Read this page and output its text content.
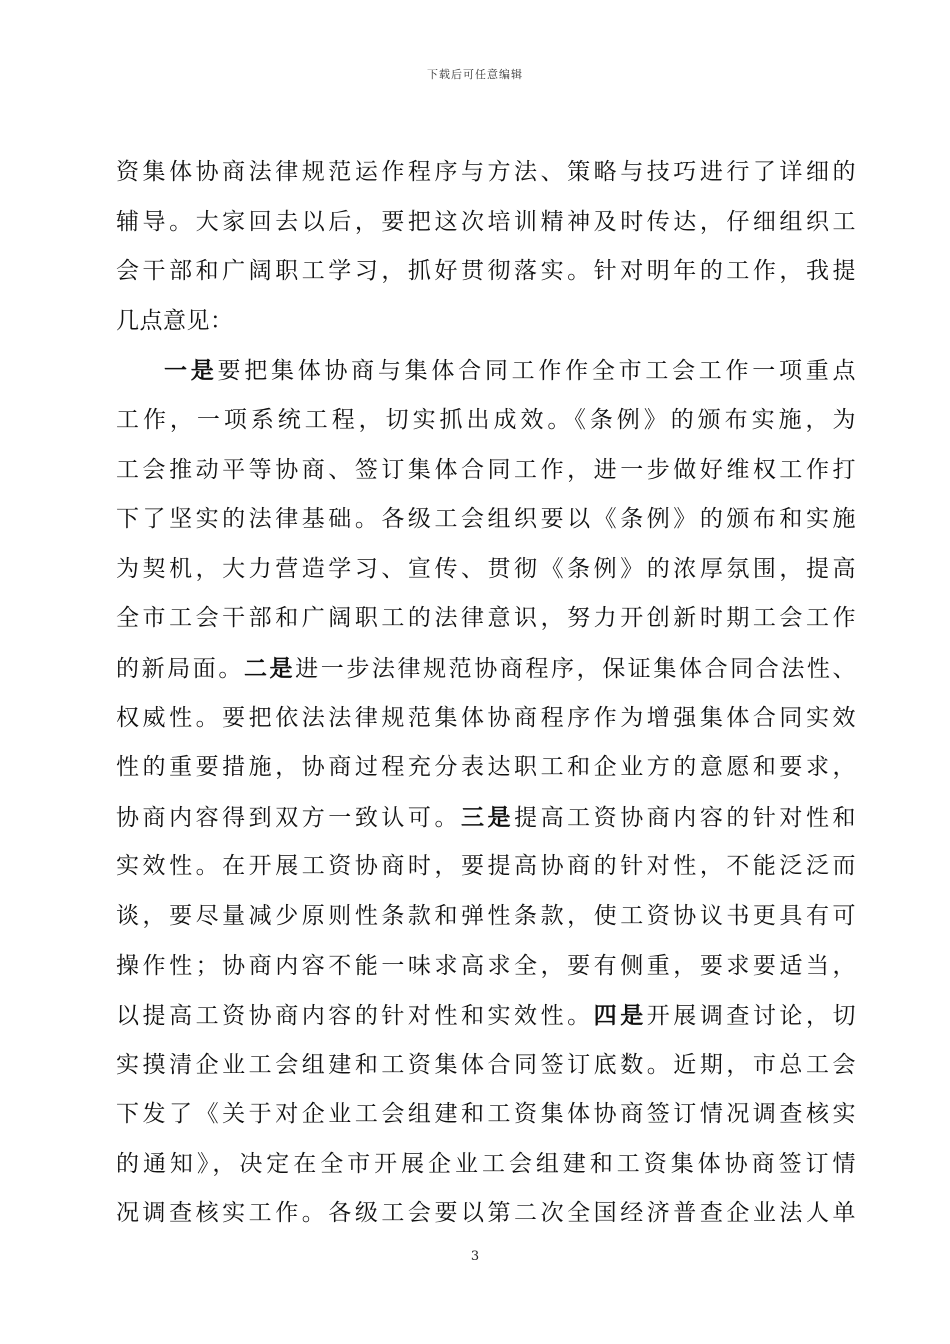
下载后可任意编辑
资集体协商法律规范运作程序与方法、策略与技巧进行了详细的
辅导。大家回去以后，要把这次培训精神及时传达，仔细组织工
会干部和广阔职工学习，抓好贯彻落实。针对明年的工作，我提
几点意见：
一是要把集体协商与集体合同工作作全市工会工作一项重点
工作，一项系统工程，切实抓出成效。《条例》的颁布实施，为
工会推动平等协商、签订集体合同工作，进一步做好维权工作打
下了坚实的法律基础。各级工会组织要以《条例》的颁布和实施
为契机，大力营造学习、宣传、贯彻《条例》的浓厚氛围，提高
全市工会干部和广阔职工的法律意识，努力开创新时期工会工作
的新局面。二是进一步法律规范协商程序，保证集体合同合法性、
权威性。要把依法法律规范集体协商程序作为增强集体合同实效
性的重要措施，协商过程充分表达职工和企业方的意愿和要求，
协商内容得到双方一致认可。三是提高工资协商内容的针对性和
实效性。在开展工资协商时，要提高协商的针对性，不能泛泛而
谈，要尽量减少原则性条款和弹性条款，使工资协议书更具有可
操作性；协商内容不能一味求高求全，要有侧重，要求要适当，
以提高工资协商内容的针对性和实效性。四是开展调查讨论，切
实摸清企业工会组建和工资集体合同签订底数。近期，市总工会
下发了《关于对企业工会组建和工资集体协商签订情况调查核实
的通知》，决定在全市开展企业工会组建和工资集体协商签订情
况调查核实工作。各级工会要以第二次全国经济普查企业法人单
3
